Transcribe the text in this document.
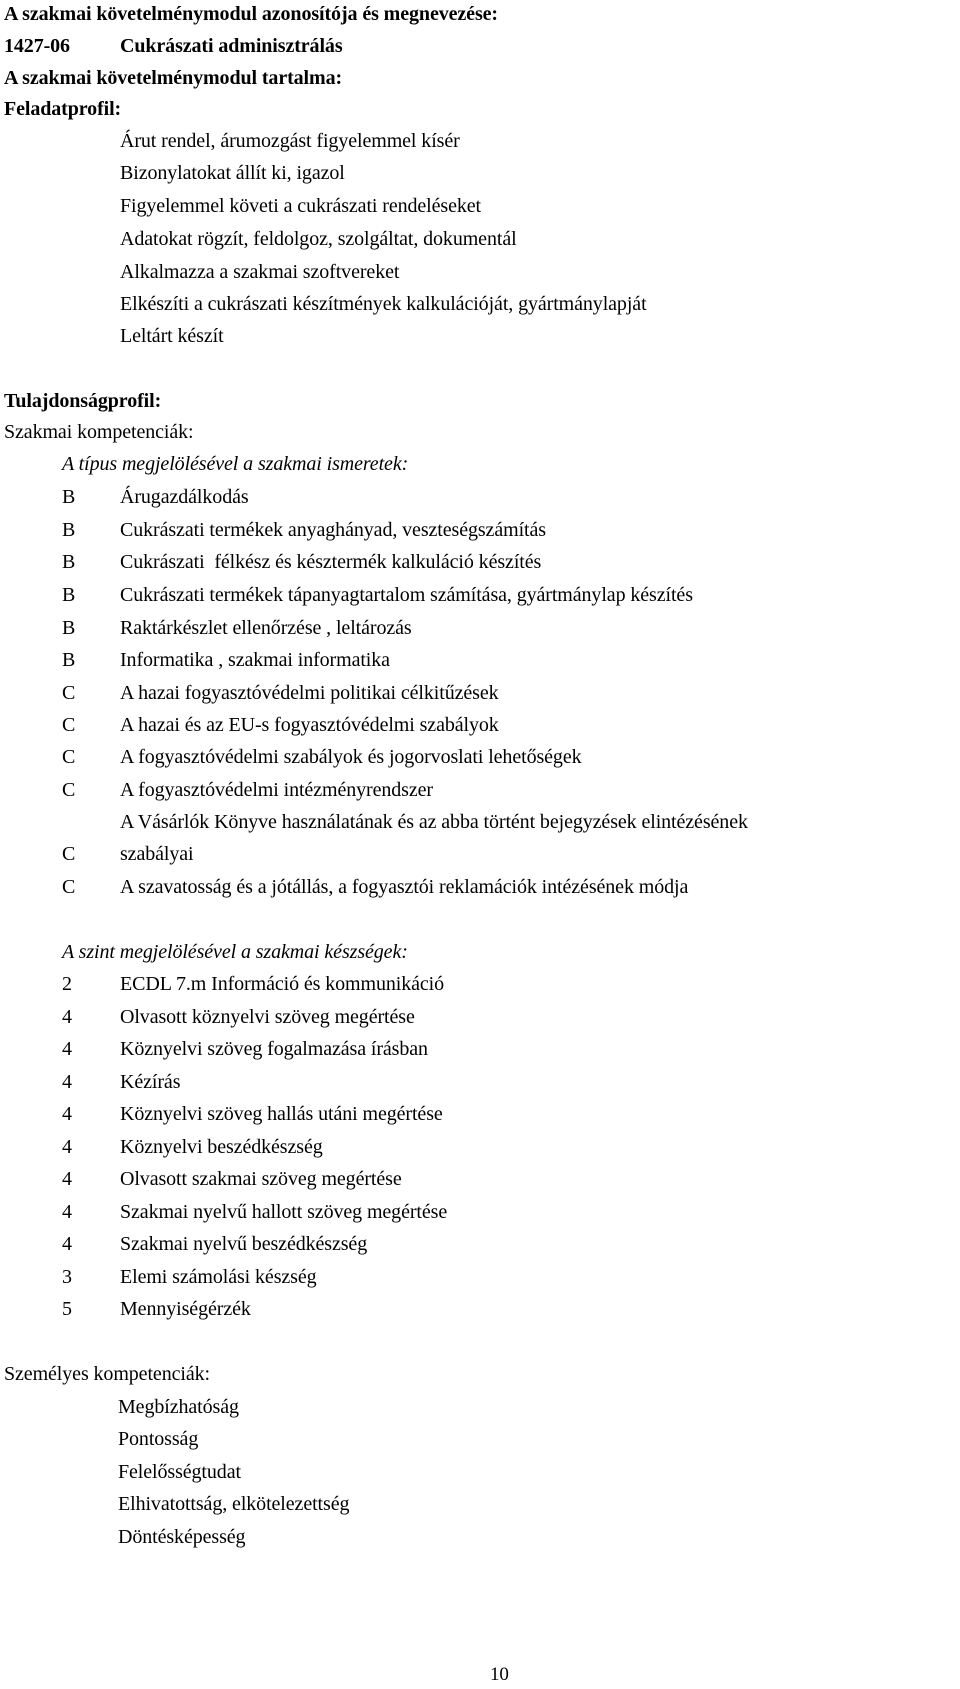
A szakmai követelménymodul azonosítója és megnevezése:
1427-06	Cukrászati adminisztrálás
A szakmai követelménymodul tartalma:
Feladatprofil:
Árut rendel, árumozgást figyelemmel kísér
Bizonylatokat állít ki, igazol
Figyelemmel követi a cukrászati rendeléseket
Adatokat rögzít, feldolgoz, szolgáltat, dokumentál
Alkalmazza a szakmai szoftvereket
Elkészíti a cukrászati készítmények kalkulációját, gyártmánylapját
Leltárt készít
Tulajdonságprofil:
Szakmai kompetenciák:
A típus megjelölésével a szakmai ismeretek:
B Árugazdálkodás
B Cukrászati termékek anyaghányad, veszteségszámítás
B Cukrászati  félkész és késztermék kalkuláció készítés
B Cukrászati termékek tápanyagtartalom számítása, gyártmánylap készítés
B Raktárkészlet ellenőrzése , leltározás
B Informatika , szakmai informatika
C A hazai fogyasztóvédelmi politikai célkitűzések
C A hazai és az EU-s fogyasztóvédelmi szabályok
C A fogyasztóvédelmi szabályok és jogorvoslati lehetőségek
C A fogyasztóvédelmi intézményrendszer
A Vásárlók Könyve használatának és az abba történt bejegyzések elintézésének
C szabályai
C A szavatosság és a jótállás, a fogyasztói reklamációk intézésének módja
A szint megjelölésével a szakmai készségek:
2 ECDL 7.m Információ és kommunikáció
4 Olvasott köznyelvi szöveg megértése
4 Köznyelvi szöveg fogalmazása írásban
4 Kézírás
4 Köznyelvi szöveg hallás utáni megértése
4 Köznyelvi beszédkészség
4 Olvasott szakmai szöveg megértése
4 Szakmai nyelvű hallott szöveg megértése
4 Szakmai nyelvű beszédkészség
3 Elemi számolási készség
5 Mennyiségérzék
Személyes kompetenciák:
Megbízhatóság
Pontosság
Felelősségtudat
Elhivatottság, elkötelezettség
Döntésképesség
10
